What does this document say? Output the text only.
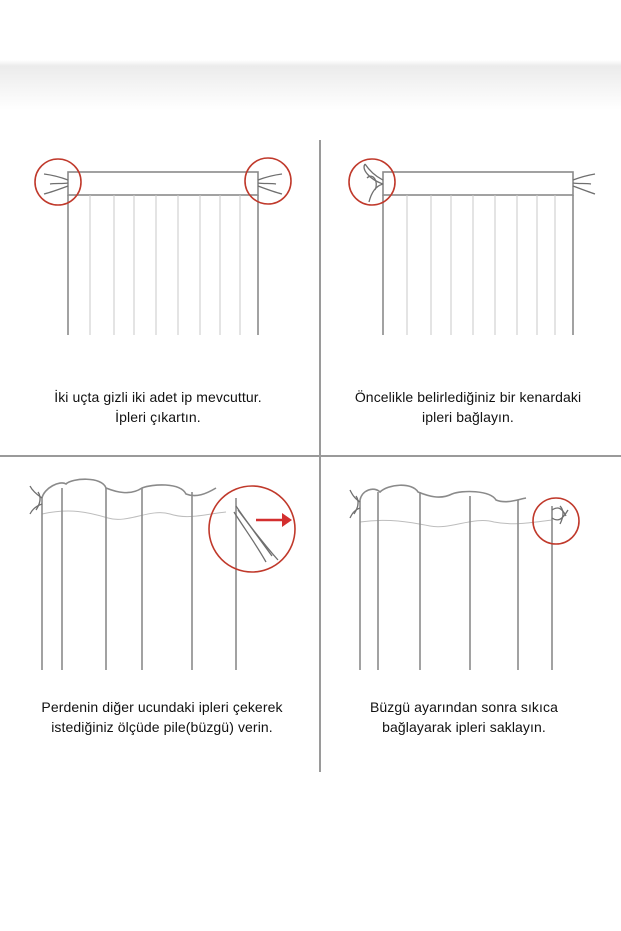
İki uçta gizli iki adet ip mevcuttur.
İpleri çıkartın.
Öncelikle belirlediğiniz bir kenardaki
ipleri bağlayın.
Perdenin diğer ucundaki ipleri çekerek
istediğiniz ölçüde pile(büzgü) verin.
Büzgü ayarından sonra sıkıca
bağlayarak ipleri saklayın.
